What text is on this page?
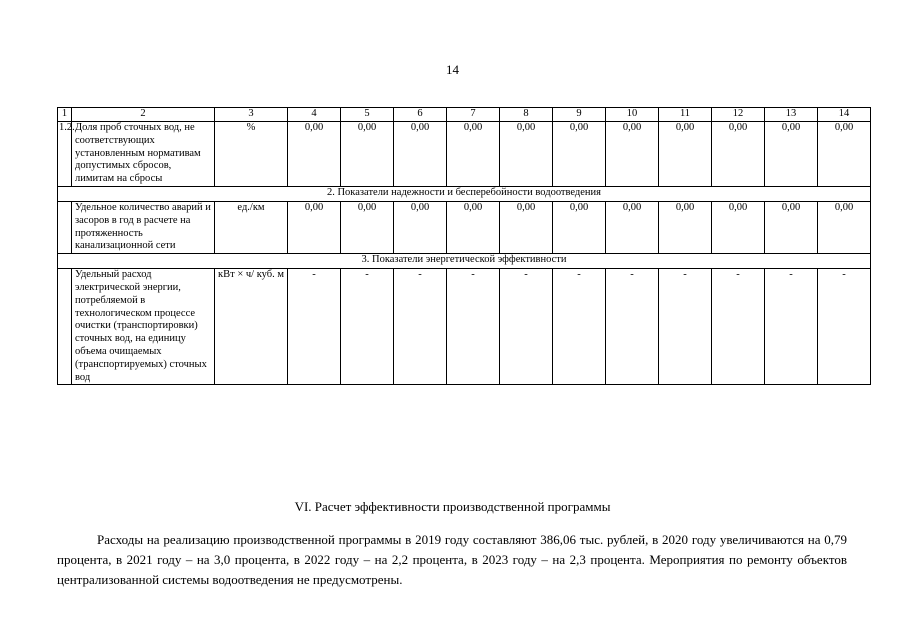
14
1	2	3	4	5	6	7	8	9	10	11	12	13	14
1.2.	Доля проб сточных вод, не соответствующих установленным нормативам допустимых сбросов, лимитам на сбросы	%	0,00	0,00	0,00	0,00	0,00	0,00	0,00	0,00	0,00	0,00	0,00
2. Показатели надежности и бесперебойности водоотведения													
	Удельное количество аварий и засоров в год в расчете на протяженность канализационной сети	ед./км	0,00	0,00	0,00	0,00	0,00	0,00	0,00	0,00	0,00	0,00	0,00
3. Показатели энергетической эффективности													
	Удельный расход электрической энергии, потребляемой в технологическом процессе очистки (транспортировки) сточных вод, на единицу объема очищаемых (транспортируемых) сточных вод	кВт × ч/ куб. м	-	-	-	-	-	-	-	-	-	-	-
VI. Расчет эффективности производственной программы
Расходы на реализацию производственной программы в 2019 году составляют 386,06 тыс. рублей, в 2020 году увеличиваются на 0,79 процента, в 2021 году – на 3,0 процента, в 2022 году – на 2,2 процента, в 2023 году – на 2,3 процента. Мероприятия по ремонту объектов централизованной системы водоотведения не предусмотрены.
